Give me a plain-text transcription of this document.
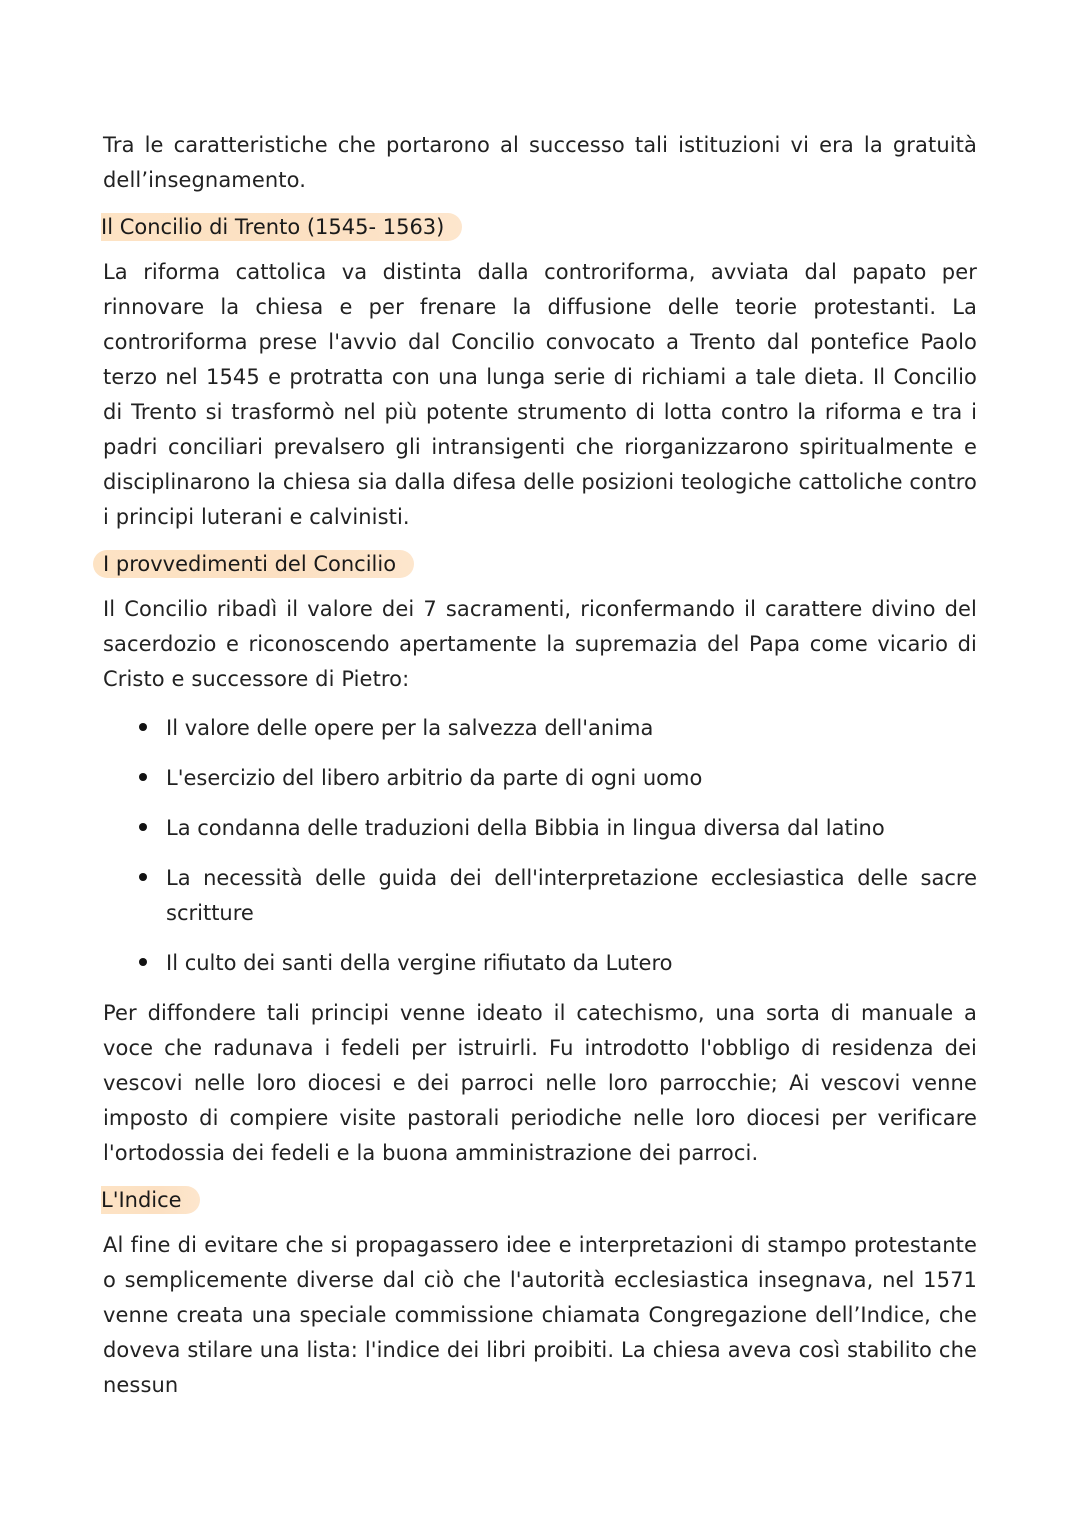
Tra le caratteristiche che portarono al successo tali istituzioni vi era la gratuità dell’insegnamento.

Il Concilio di Trento (1545- 1563)

La riforma cattolica va distinta dalla controriforma, avviata dal papato per rinnovare la chiesa e per frenare la diffusione delle teorie protestanti. La controriforma prese l'avvio dal Concilio convocato a Trento dal pontefice Paolo terzo nel 1545 e protratta con una lunga serie di richiami a tale dieta. Il Concilio di Trento si trasformò nel più potente strumento di lotta contro la riforma e tra i padri conciliari prevalsero gli intransigenti che riorganizzarono spiritualmente e disciplinarono la chiesa sia dalla difesa delle posizioni teologiche cattoliche contro i principi luterani e calvinisti.

I provvedimenti del Concilio

Il Concilio ribadì il valore dei 7 sacramenti, riconfermando il carattere divino del sacerdozio e riconoscendo apertamente la supremazia del Papa come vicario di Cristo e successore di Pietro:

Il valore delle opere per la salvezza dell'anima
L'esercizio del libero arbitrio da parte di ogni uomo
La condanna delle traduzioni della Bibbia in lingua diversa dal latino
La necessità delle guida dei dell'interpretazione ecclesiastica delle sacre scritture
Il culto dei santi della vergine rifiutato da Lutero

Per diffondere tali principi venne ideato il catechismo, una sorta di manuale a voce che radunava i fedeli per istruirli. Fu introdotto l'obbligo di residenza dei vescovi nelle loro diocesi e dei parroci nelle loro parrocchie; Ai vescovi venne imposto di compiere visite pastorali periodiche nelle loro diocesi per verificare l'ortodossia dei fedeli e la buona amministrazione dei parroci.

L'Indice

Al fine di evitare che si propagassero idee e interpretazioni di stampo protestante o semplicemente diverse dal ciò che l'autorità ecclesiastica insegnava, nel 1571 venne creata una speciale commissione chiamata Congregazione dell’Indice, che doveva stilare una lista: l'indice dei libri proibiti. La chiesa aveva così stabilito che nessun
